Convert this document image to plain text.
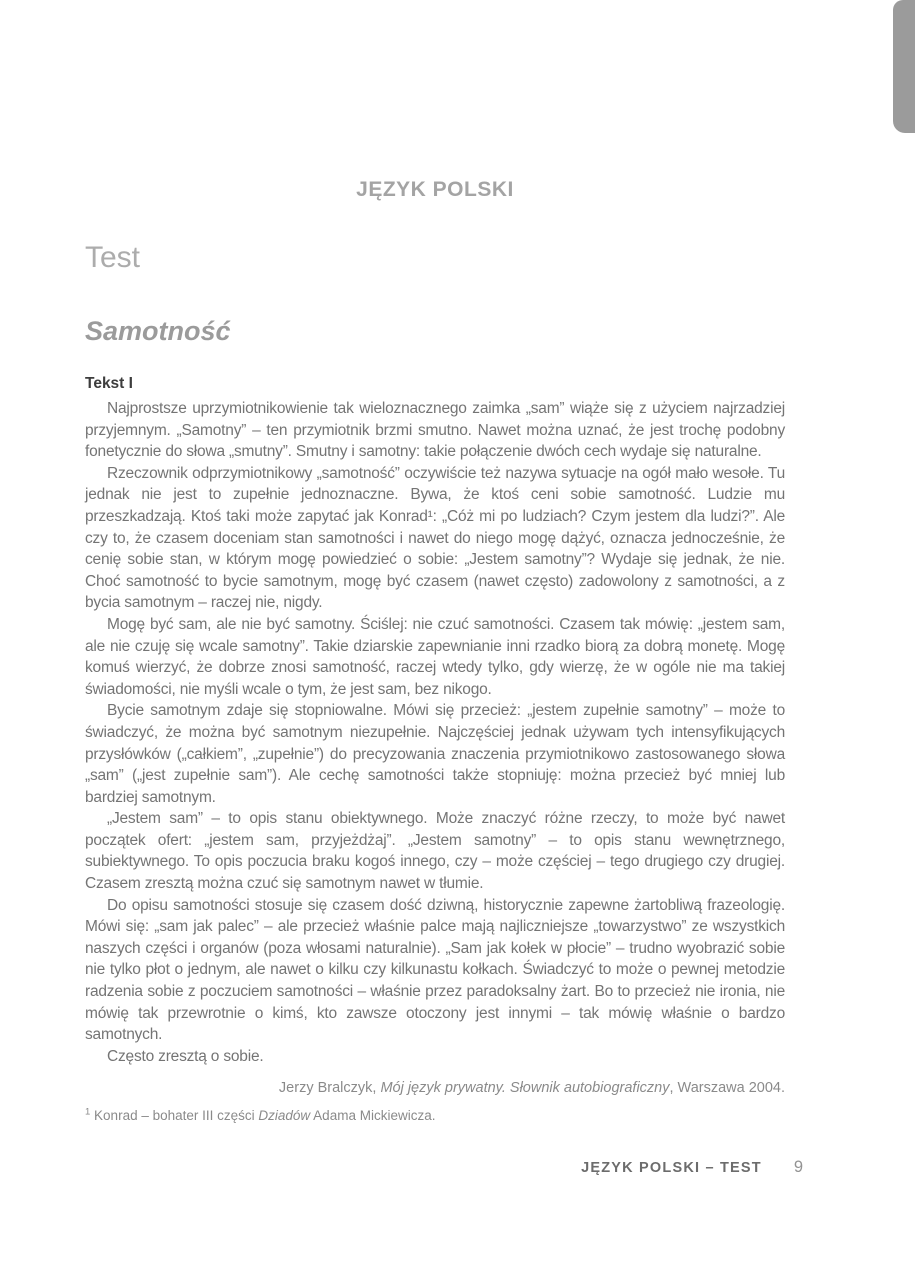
JĘZYK POLSKI
Test
Samotność
Tekst I

Najprostsze uprzymiotnikowienie tak wieloznacznego zaimka „sam” wiąże się z użyciem najrzadziej przyjemnym. „Samotny” – ten przymiotnik brzmi smutno. Nawet można uznać, że jest trochę podobny fonetycznie do słowa „smutny”. Smutny i samotny: takie połączenie dwóch cech wydaje się naturalne.

Rzeczownik odprzymiotnikowy „samotność” oczywiście też nazywa sytuacje na ogół mało wesołe. Tu jednak nie jest to zupełnie jednoznaczne. Bywa, że ktoś ceni sobie samotność. Ludzie mu przeszkadzają. Ktoś taki może zapytać jak Konrad¹: „Cóż mi po ludziach? Czym jestem dla ludzi?”. Ale czy to, że czasem doceniam stan samotności i nawet do niego mogę dążyć, oznacza jednocześnie, że cenię sobie stan, w którym mogę powiedzieć o sobie: „Jestem samotny”? Wydaje się jednak, że nie. Choć samotność to bycie samotnym, mogę być czasem (nawet często) zadowolony z samotności, a z bycia samotnym – raczej nie, nigdy.

Mogę być sam, ale nie być samotny. Ściślej: nie czuć samotności. Czasem tak mówię: „jestem sam, ale nie czuję się wcale samotny”. Takie dziarskie zapewnianie inni rzadko biorą za dobrą monetę. Mogę komuś wierzyć, że dobrze znosi samotność, raczej wtedy tylko, gdy wierzę, że w ogóle nie ma takiej świadomości, nie myśli wcale o tym, że jest sam, bez nikogo.

Bycie samotnym zdaje się stopniowalne. Mówi się przecież: „jestem zupełnie samotny” – może to świadczyć, że można być samotnym niezupełnie. Najczęściej jednak używam tych intensyfikujących przysłówków („całkiem”, „zupełnie”) do precyzowania znaczenia przymiotnikowo zastosowanego słowa „sam” („jest zupełnie sam”). Ale cechę samotności także stopniuję: można przecież być mniej lub bardziej samotnym.

„Jestem sam” – to opis stanu obiektywnego. Może znaczyć różne rzeczy, to może być nawet początek ofert: „jestem sam, przyjeżdżaj”. „Jestem samotny” – to opis stanu wewnętrznego, subiektywnego. To opis poczucia braku kogoś innego, czy – może częściej – tego drugiego czy drugiej. Czasem zresztą można czuć się samotnym nawet w tłumie.

Do opisu samotności stosuje się czasem dość dziwną, historycznie zapewne żartobliwą frazeologię. Mówi się: „sam jak palec” – ale przecież właśnie palce mają najliczniejsze „towarzystwo” ze wszystkich naszych części i organów (poza włosami naturalnie). „Sam jak kołek w płocie” – trudno wyobrazić sobie nie tylko płot o jednym, ale nawet o kilku czy kilkunastu kołkach. Świadczyć to może o pewnej metodzie radzenia sobie z poczuciem samotności – właśnie przez paradoksalny żart. Bo to przecież nie ironia, nie mówię tak przewrotnie o kimś, kto zawsze otoczony jest innymi – tak mówię właśnie o bardzo samotnych.

Często zresztą o sobie.

Jerzy Bralczyk, Mój język prywatny. Słownik autobiograficzny, Warszawa 2004.
$^1$ Konrad – bohater III części Dziadów Adama Mickiewicza.
JĘZYK POLSKI – TEST 9
